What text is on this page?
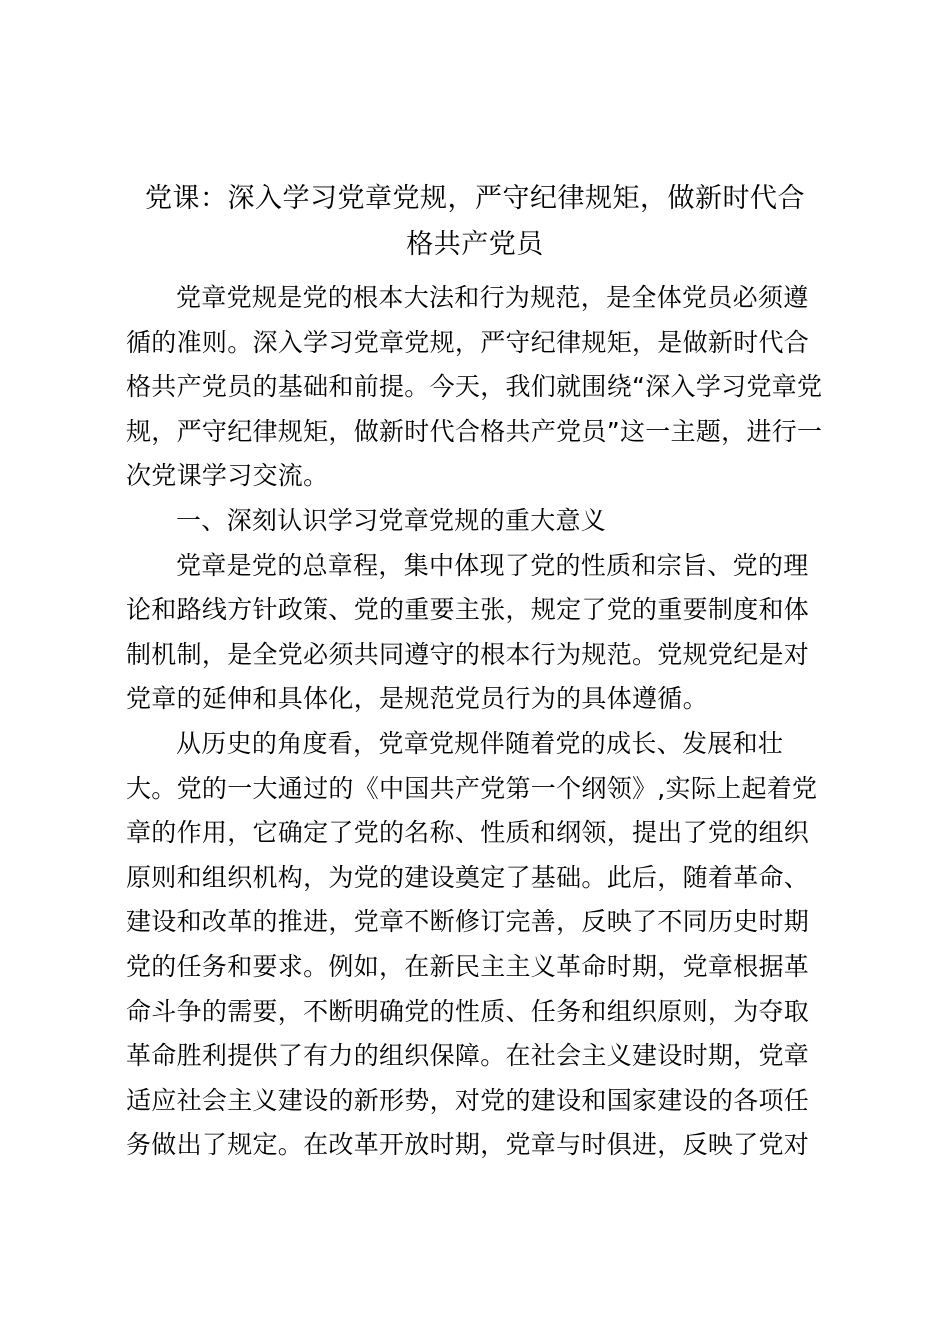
党课：深入学习党章党规，严守纪律规矩，做新时代合
格共产党员

党章党规是党的根本大法和行为规范，是全体党员必须遵
循的准则。深入学习党章党规，严守纪律规矩，是做新时代合
格共产党员的基础和前提。今天，我们就围绕“深入学习党章党
规，严守纪律规矩，做新时代合格共产党员”这一主题，进行一
次党课学习交流。

一、深刻认识学习党章党规的重大意义

党章是党的总章程，集中体现了党的性质和宗旨、党的理
论和路线方针政策、党的重要主张，规定了党的重要制度和体
制机制，是全党必须共同遵守的根本行为规范。党规党纪是对
党章的延伸和具体化，是规范党员行为的具体遵循。

从历史的角度看，党章党规伴随着党的成长、发展和壮
大。党的一大通过的《中国共产党第一个纲领》,实际上起着党
章的作用，它确定了党的名称、性质和纲领，提出了党的组织
原则和组织机构，为党的建设奠定了基础。此后，随着革命、
建设和改革的推进，党章不断修订完善，反映了不同历史时期
党的任务和要求。例如，在新民主主义革命时期，党章根据革
命斗争的需要，不断明确党的性质、任务和组织原则，为夺取
革命胜利提供了有力的组织保障。在社会主义建设时期，党章
适应社会主义建设的新形势，对党的建设和国家建设的各项任
务做出了规定。在改革开放时期，党章与时俱进，反映了党对
